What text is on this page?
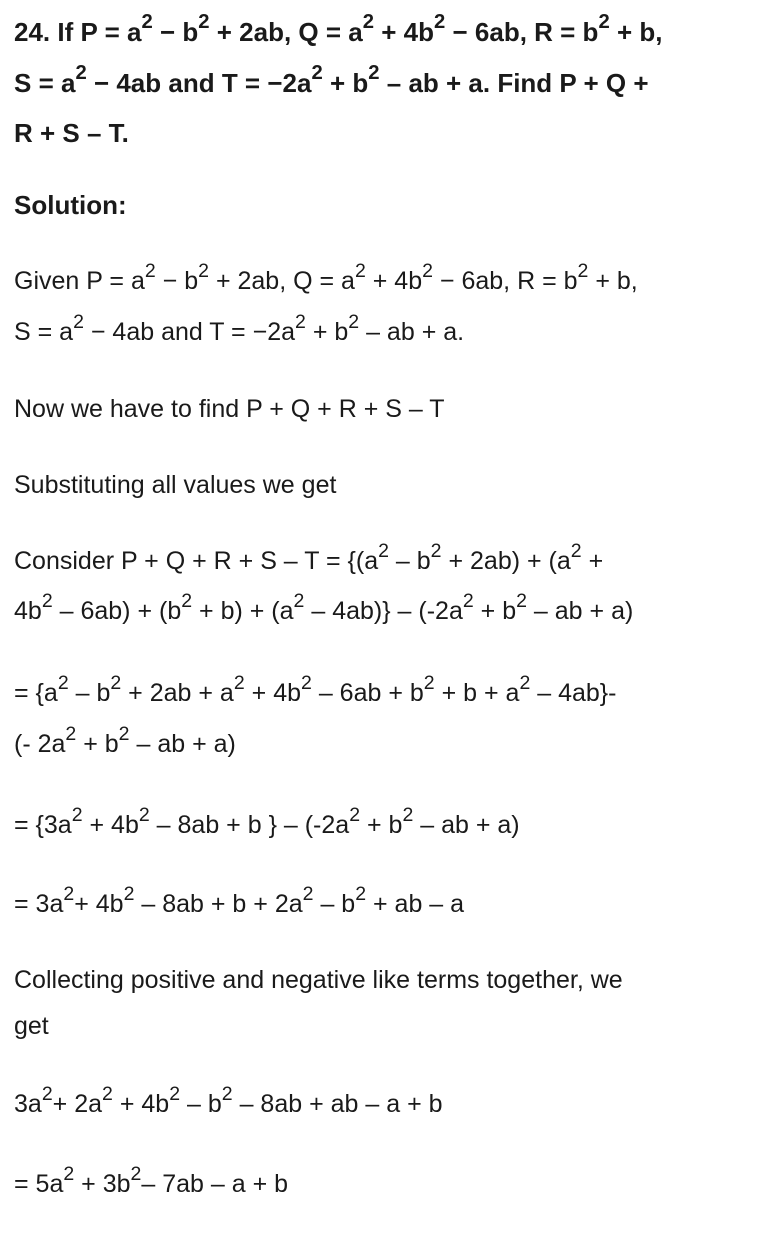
24. If $P = a^2 - b^2 + 2ab$, $Q = a^2 + 4b^2 - 6ab$, $R = b^2 + b$,
$S = a^2 - 4ab$ and $T = -2a^2 + b^2$ – ab + a. Find P + Q +
R + S – T.
Solution:
Given $P = a^2 - b^2 + 2ab$, $Q = a^2 + 4b^2 - 6ab$, $R = b^2 + b$,
$S = a^2 - 4ab$ and $T = -2a^2 + b^2$ – ab + a.
Now we have to find P + Q + R + S – T
Substituting all values we get
Consider $P + Q + R + S - T = \{(a^2 - b^2 + 2ab) + (a^2$ +
$4b^2 - 6ab) + (b^2 + b) + (a^2 - 4ab)\} - (-2a^2 + b^2$ – ab + a)
= $\{a^2 - b^2 + 2ab + a^2 + 4b^2 - 6ab + b^2 + b + a^2 - 4ab\}-$
(- $2a^2 + b^2$ – ab + a)
= {$3a^2 + 4b^2 - 8ab + b$ } – ($-2a^2 + b^2$ – ab + a)
= $3a^2+ 4b^2 - 8ab + b + 2a^2 - b^2$ + ab – a
Collecting positive and negative like terms together, we
get
$3a^2+ 2a^2 + 4b^2 - b^2 - 8ab$ + ab – a + b
= $5a^2 + 3b^2-$ 7ab – a + b
